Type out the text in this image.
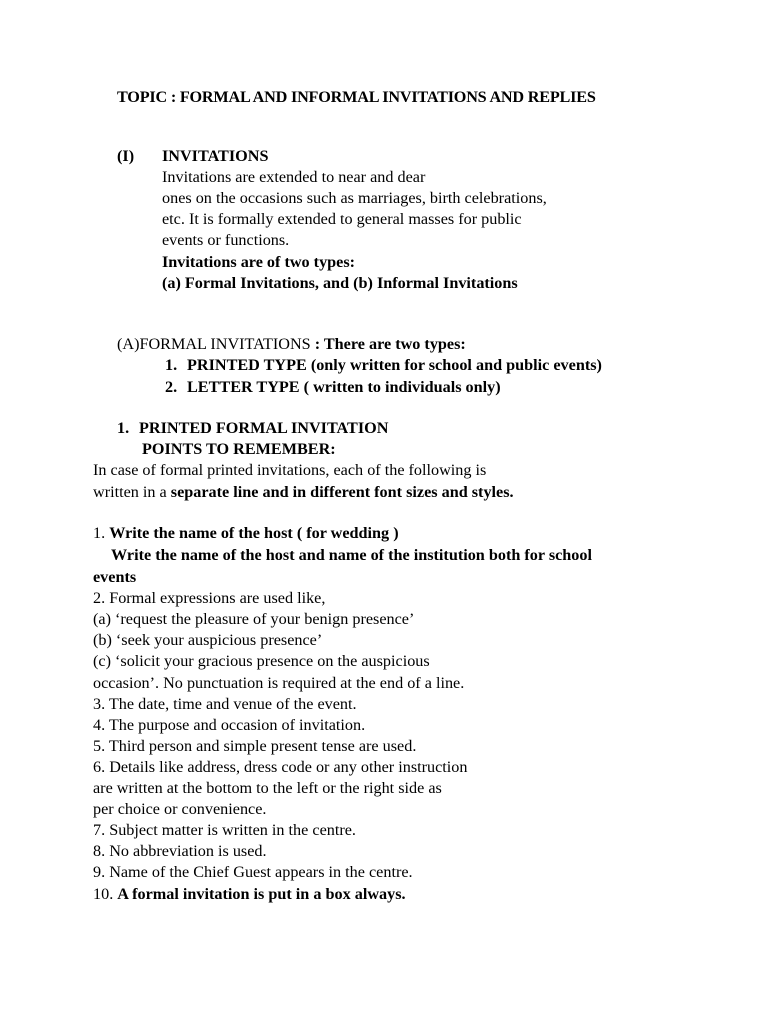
TOPIC : FORMAL AND INFORMAL INVITATIONS AND REPLIES
(I) INVITATIONS
Invitations are extended to near and dear
ones on the occasions such as marriages, birth celebrations,
etc. It is formally extended to general masses for public
events or functions.
Invitations are of two types:
(a) Formal Invitations, and (b) Informal Invitations
(A)FORMAL INVITATIONS : There are two types:
1. PRINTED TYPE (only written for school and public events)
2. LETTER TYPE ( written to individuals only)
1. PRINTED FORMAL INVITATION
POINTS TO REMEMBER:
In case of formal printed invitations, each of the following is
written in a separate line and in different font sizes and styles.
1. Write the name of the host ( for wedding )
Write the name of the host and name of the institution both for school
events
2. Formal expressions are used like,
(a) ‘request the pleasure of your benign presence’
(b) ‘seek your auspicious presence’
(c) ‘solicit your gracious presence on the auspicious
occasion’. No punctuation is required at the end of a line.
3. The date, time and venue of the event.
4. The purpose and occasion of invitation.
5. Third person and simple present tense are used.
6. Details like address, dress code or any other instruction
are written at the bottom to the left or the right side as
per choice or convenience.
7. Subject matter is written in the centre.
8. No abbreviation is used.
9. Name of the Chief Guest appears in the centre.
10. A formal invitation is put in a box always.
